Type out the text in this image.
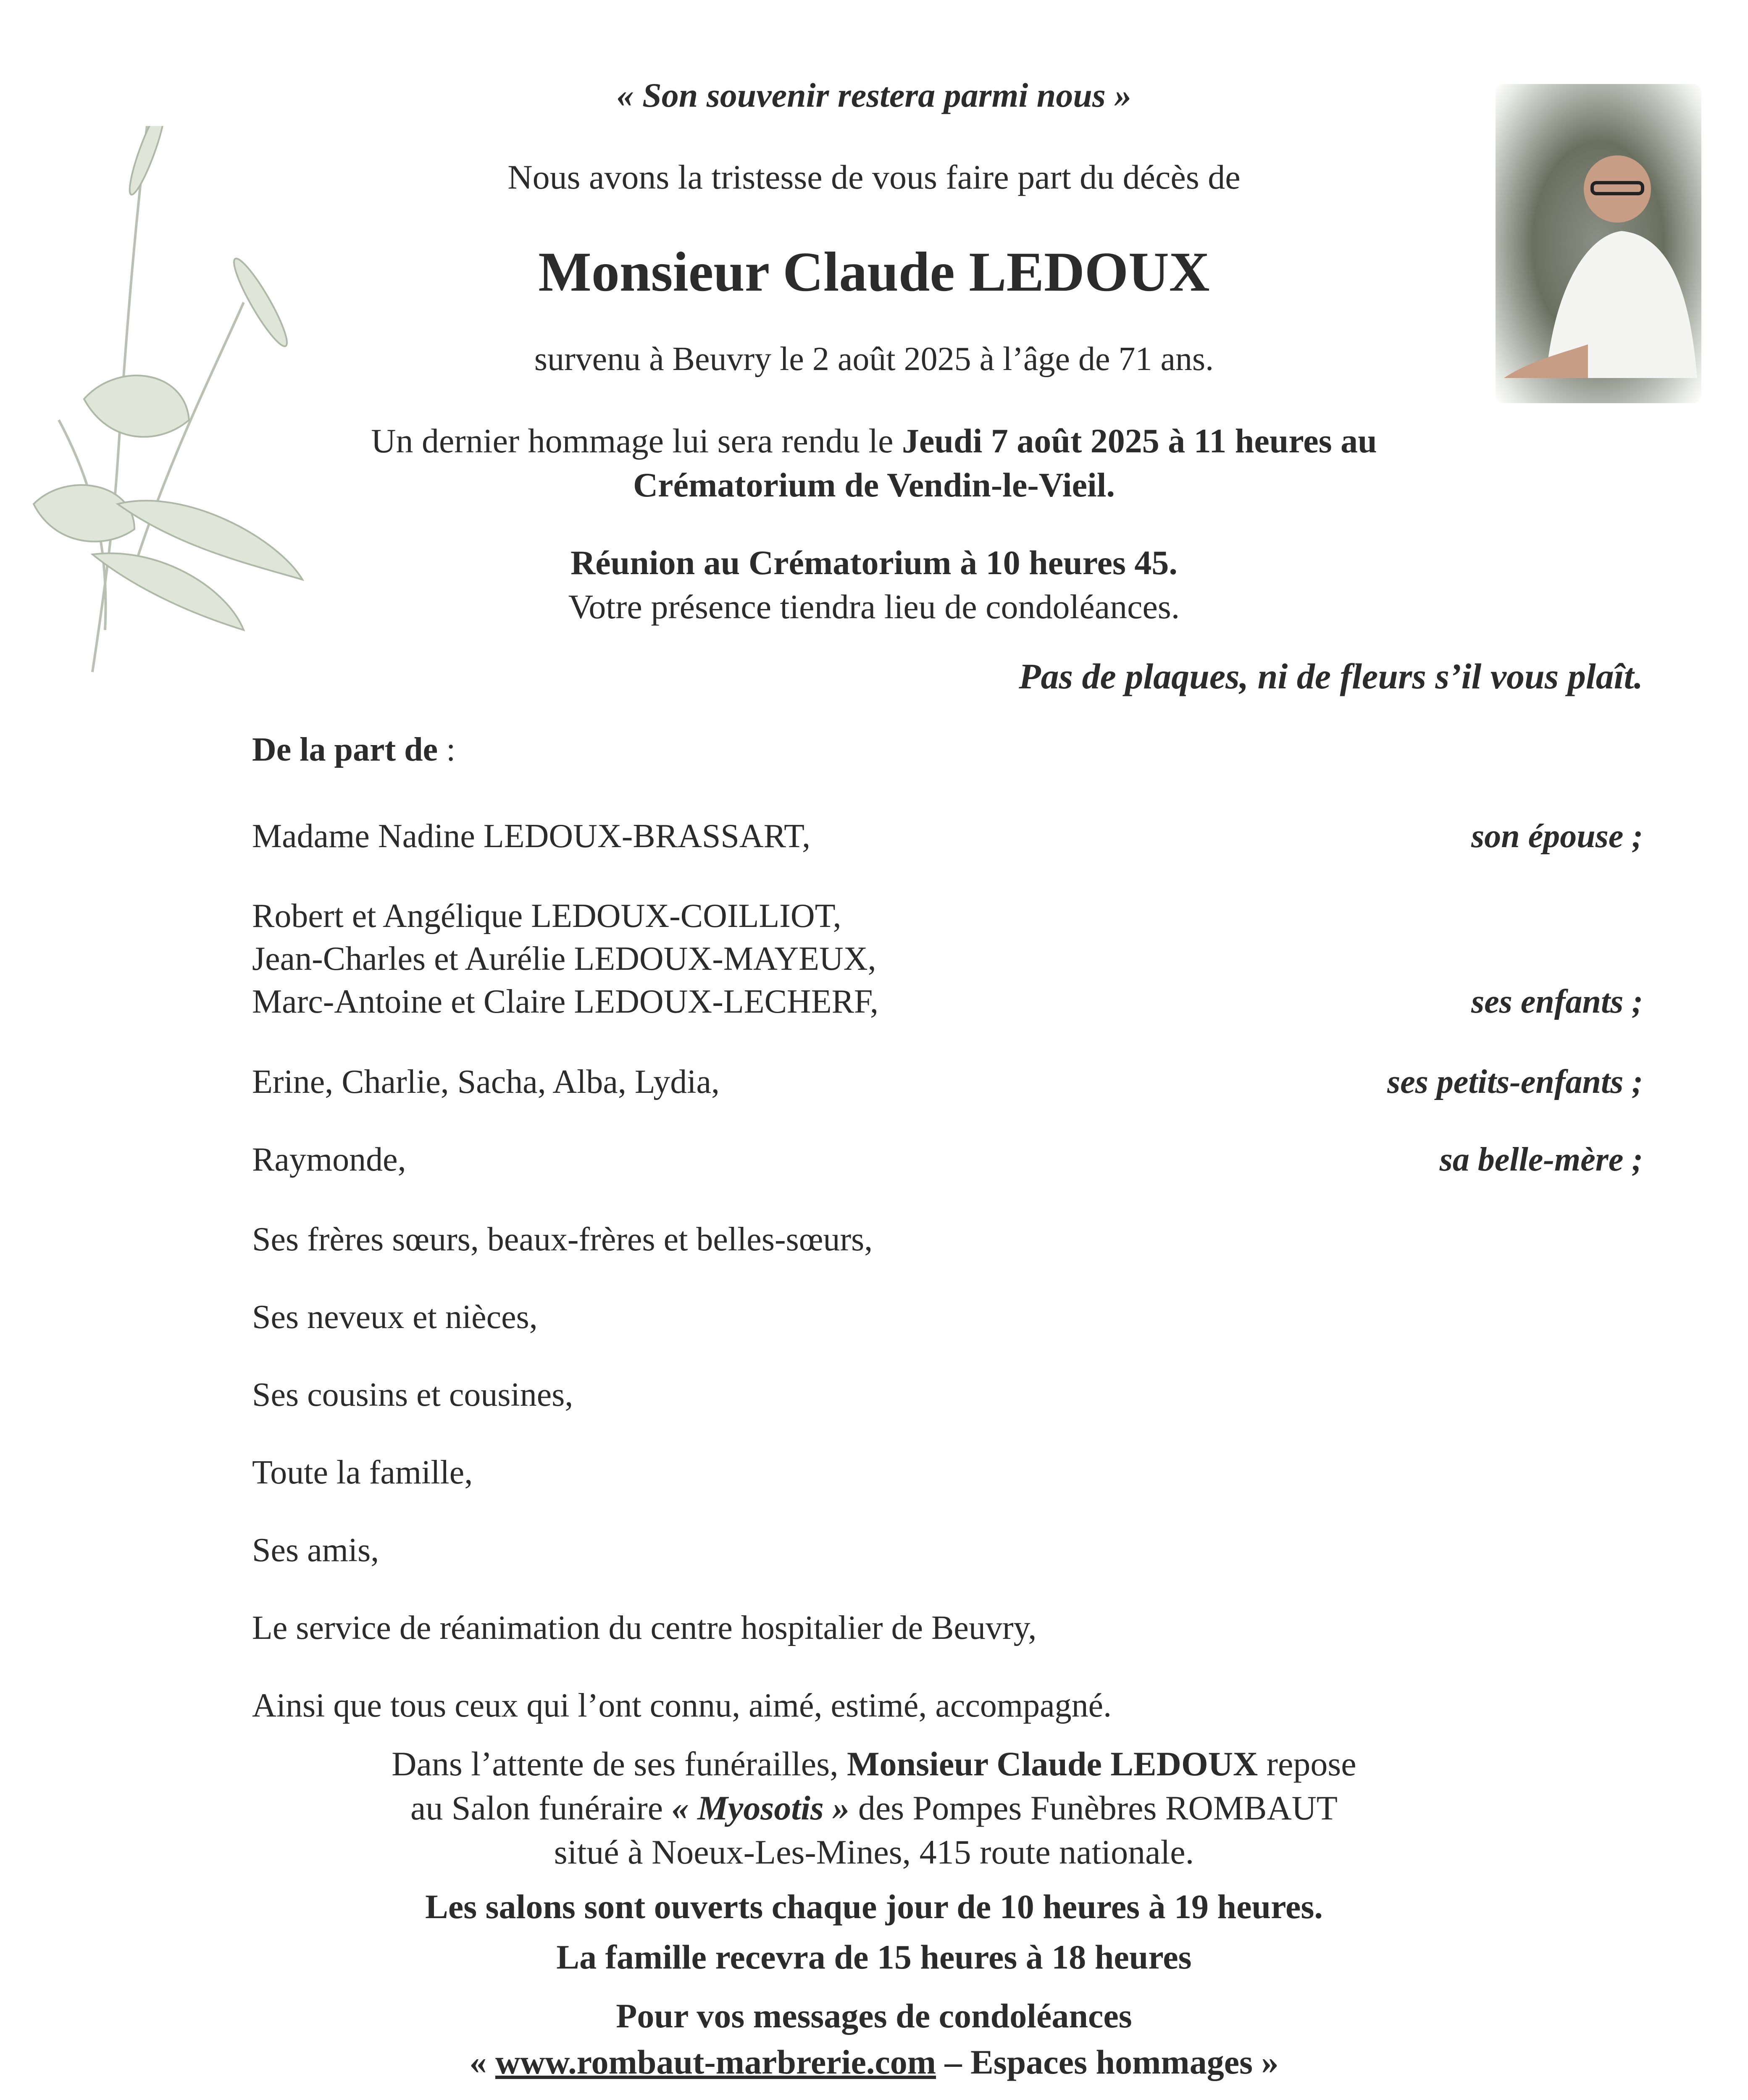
« Son souvenir restera parmi nous »
Nous avons la tristesse de vous faire part du décès de
Monsieur Claude LEDOUX
survenu à Beuvry le 2 août 2025 à l’âge de 71 ans.
Un dernier hommage lui sera rendu le Jeudi 7 août 2025 à 11 heures au
Crématorium de Vendin-le-Vieil.
Réunion au Crématorium à 10 heures 45.
Votre présence tiendra lieu de condoléances.
Pas de plaques, ni de fleurs s’il vous plaît.
De la part de :
Madame Nadine LEDOUX-BRASSART,	son épouse ;
Robert et Angélique LEDOUX-COILLIOT,
Jean-Charles et Aurélie LEDOUX-MAYEUX,
Marc-Antoine et Claire LEDOUX-LECHERF,	ses enfants ;
Erine, Charlie, Sacha, Alba, Lydia,	ses petits-enfants ;
Raymonde,	sa belle-mère ;
Ses frères sœurs, beaux-frères et belles-sœurs,
Ses neveux et nièces,
Ses cousins et cousines,
Toute la famille,
Ses amis,
Le service de réanimation du centre hospitalier de Beuvry,
Ainsi que tous ceux qui l’ont connu, aimé, estimé, accompagné.
Dans l’attente de ses funérailles, Monsieur Claude LEDOUX repose
au Salon funéraire « Myosotis » des Pompes Funèbres ROMBAUT
situé à Noeux-Les-Mines, 415 route nationale.
Les salons sont ouverts chaque jour de 10 heures à 19 heures.
La famille recevra de 15 heures à 18 heures
Pour vos messages de condoléances
« www.rombaut-marbrerie.com – Espaces hommages »
